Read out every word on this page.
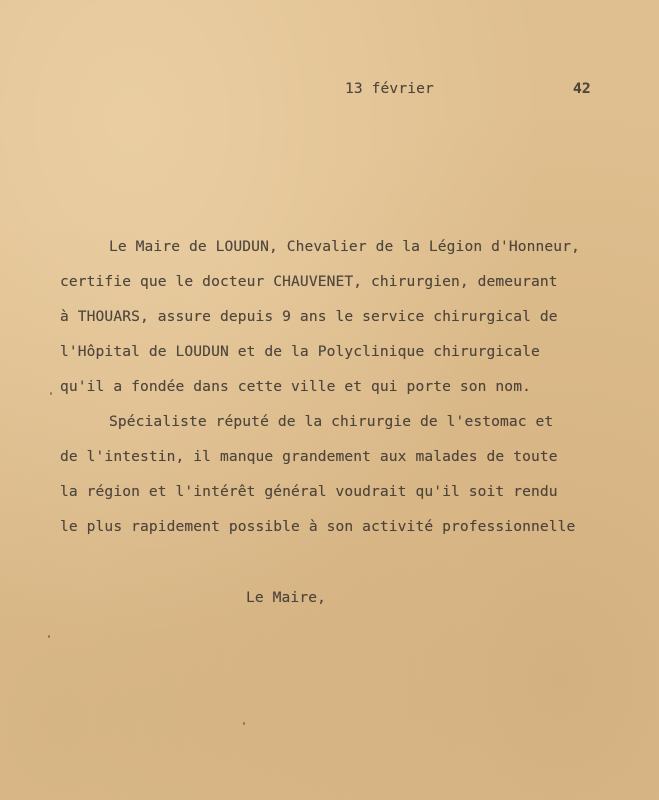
13 février	42
Le Maire de LOUDUN, Chevalier de la Légion d'Honneur,
certifie que le docteur CHAUVENET, chirurgien, demeurant
à THOUARS, assure depuis 9 ans le service chirurgical de
l'Hôpital de LOUDUN et de la Polyclinique chirurgicale
qu'il a fondée dans cette ville et qui porte son nom.
Spécialiste réputé de la chirurgie de l'estomac et
de l'intestin, il manque grandement aux malades de toute
la région et l'intérêt général voudrait qu'il soit rendu
le plus rapidement possible à son activité professionnelle
Le Maire,
